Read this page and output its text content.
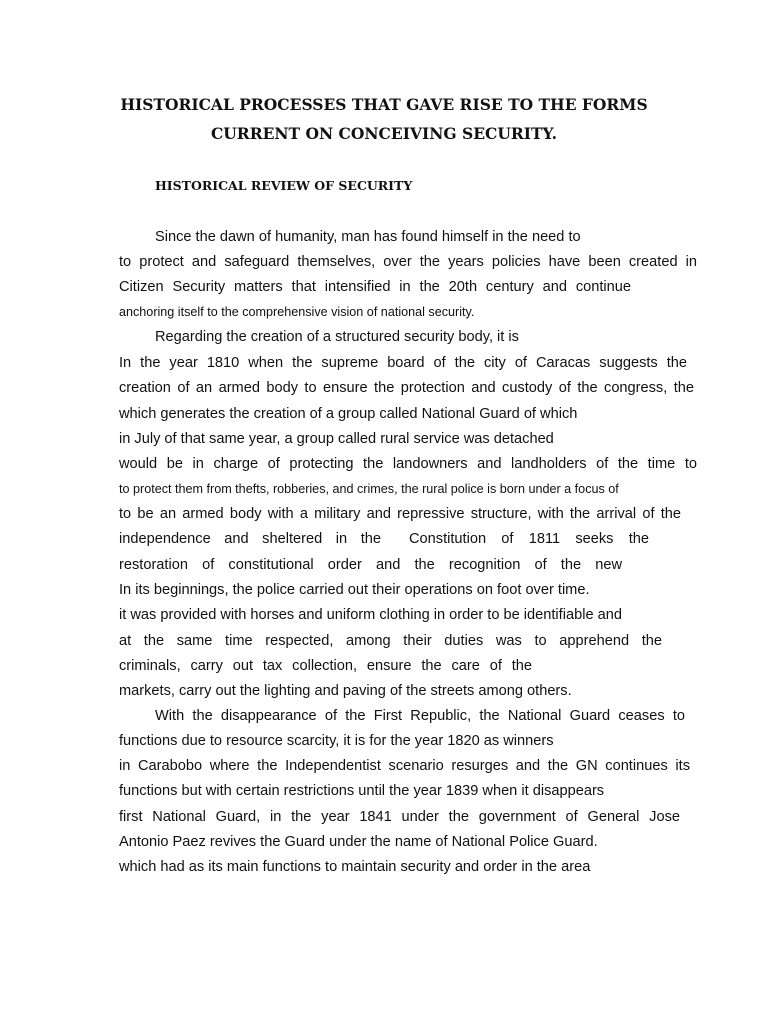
HISTORICAL PROCESSES THAT GAVE RISE TO THE FORMS
CURRENT ON CONCEIVING SECURITY.
HISTORICAL REVIEW OF SECURITY
Since the dawn of humanity, man has found himself in the need to
to protect and safeguard themselves, over the years policies have been created in
Citizen Security matters that intensified in the 20th century and continue
anchoring itself to the comprehensive vision of national security.
Regarding the creation of a structured security body, it is
In the year 1810 when the supreme board of the city of Caracas suggests the
creation of an armed body to ensure the protection and custody of the congress, the
which generates the creation of a group called National Guard of which
in July of that same year, a group called rural service was detached
would be in charge of protecting the landowners and landholders of the time to
to protect them from thefts, robberies, and crimes, the rural police is born under a focus of
to be an armed body with a military and repressive structure, with the arrival of the
independence and sheltered in the Constitution of 1811 seeks the
restoration of constitutional order and the recognition of the new
In its beginnings, the police carried out their operations on foot over time.
it was provided with horses and uniform clothing in order to be identifiable and
at the same time respected, among their duties was to apprehend the
criminals, carry out tax collection, ensure the care of the
markets, carry out the lighting and paving of the streets among others.
With the disappearance of the First Republic, the National Guard ceases to
functions due to resource scarcity, it is for the year 1820 as winners
in Carabobo where the Independentist scenario resurges and the GN continues its
functions but with certain restrictions until the year 1839 when it disappears
first National Guard, in the year 1841 under the government of General Jose
Antonio Paez revives the Guard under the name of National Police Guard.
which had as its main functions to maintain security and order in the area
